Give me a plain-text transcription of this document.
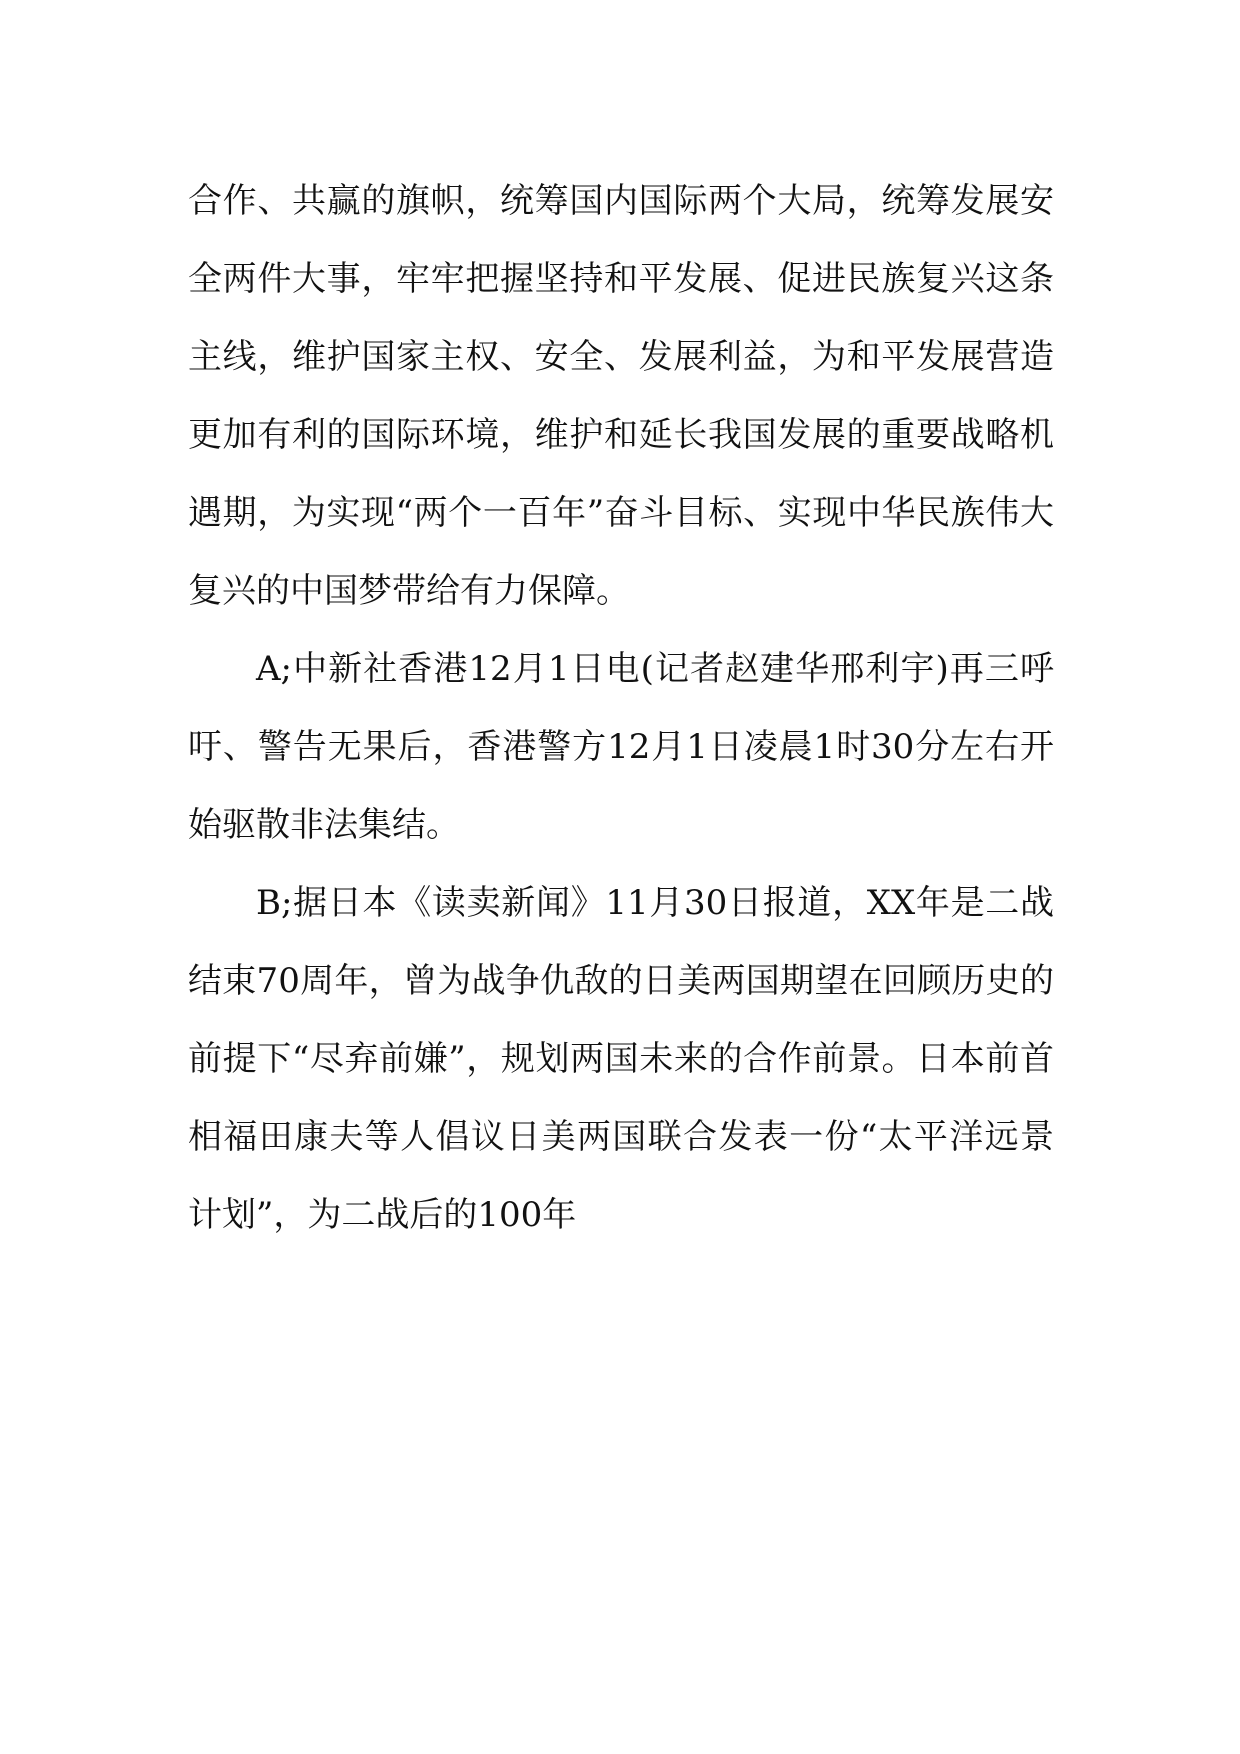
合作、共赢的旗帜，统筹国内国际两个大局，统筹发展安全两件大事，牢牢把握坚持和平发展、促进民族复兴这条主线，维护国家主权、安全、发展利益，为和平发展营造更加有利的国际环境，维护和延长我国发展的重要战略机遇期，为实现“两个一百年”奋斗目标、实现中华民族伟大复兴的中国梦带给有力保障。

A;中新社香港12月1日电(记者赵建华邢利宇)再三呼吁、警告无果后，香港警方12月1日凌晨1时30分左右开始驱散非法集结。

B;据日本《读卖新闻》11月30日报道，XX年是二战结束70周年，曾为战争仇敌的日美两国期望在回顾历史的前提下“尽弃前嫌”，规划两国未来的合作前景。日本前首相福田康夫等人倡议日美两国联合发表一份“太平洋远景计划”，为二战后的100年
